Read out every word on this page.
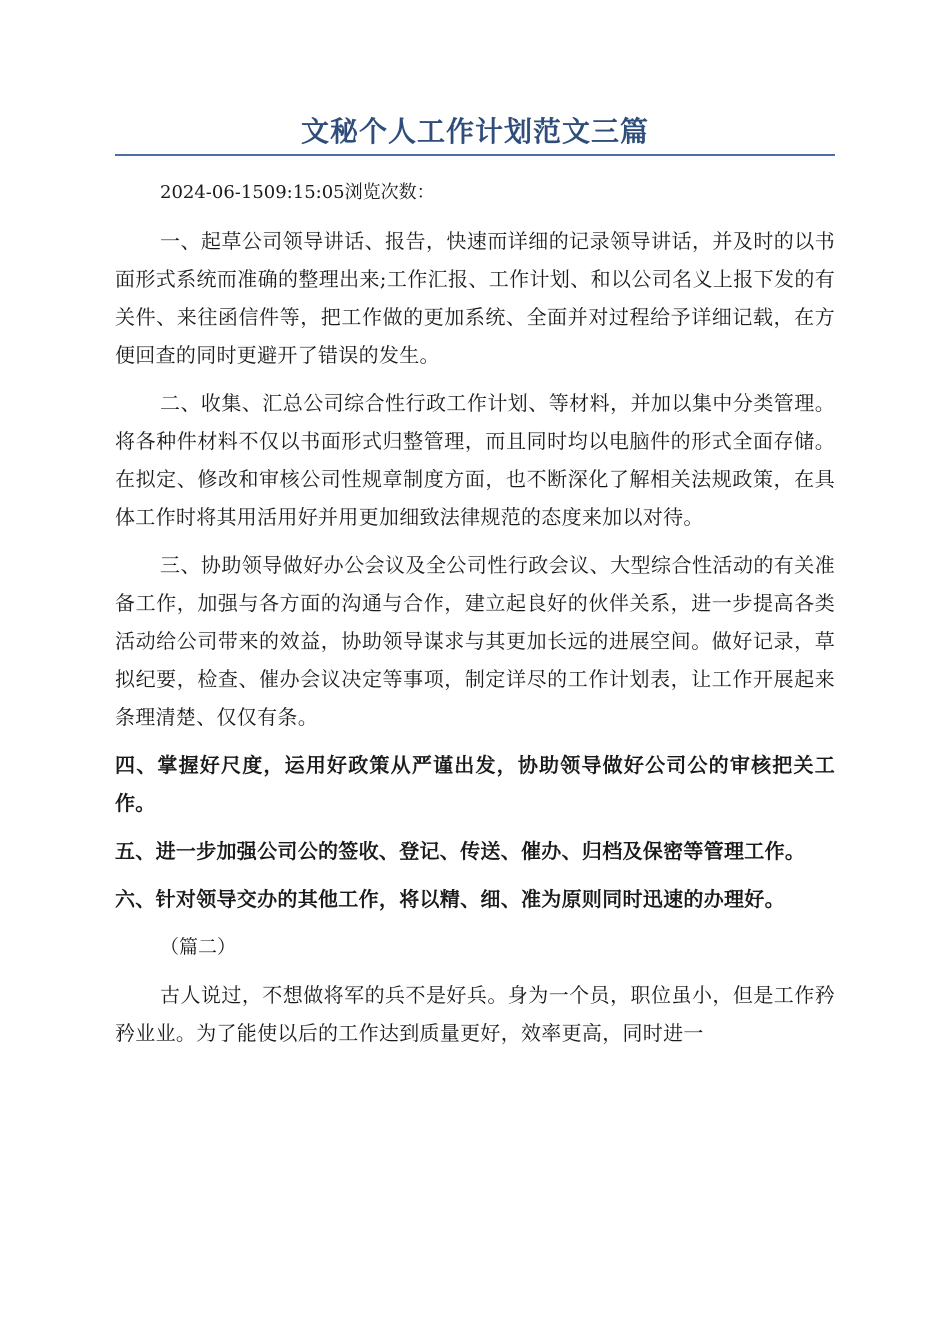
文秘个人工作计划范文三篇

2024-06-1509:15:05浏览次数：

一、起草公司领导讲话、报告，快速而详细的记录领导讲话，并及时的以书面形式系统而准确的整理出来;工作汇报、工作计划、和以公司名义上报下发的有关件、来往函信件等，把工作做的更加系统、全面并对过程给予详细记载，在方便回查的同时更避开了错误的发生。

二、收集、汇总公司综合性行政工作计划、等材料，并加以集中分类管理。将各种件材料不仅以书面形式归整管理，而且同时均以电脑件的形式全面存储。在拟定、修改和审核公司性规章制度方面，也不断深化了解相关法规政策，在具体工作时将其用活用好并用更加细致法律规范的态度来加以对待。

三、协助领导做好办公会议及全公司性行政会议、大型综合性活动的有关准备工作，加强与各方面的沟通与合作，建立起良好的伙伴关系，进一步提高各类活动给公司带来的效益，协助领导谋求与其更加长远的进展空间。做好记录，草拟纪要，检查、催办会议决定等事项，制定详尽的工作计划表，让工作开展起来条理清楚、仅仅有条。

四、掌握好尺度，运用好政策从严谨出发，协助领导做好公司公的审核把关工作。

五、进一步加强公司公的签收、登记、传送、催办、归档及保密等管理工作。

六、针对领导交办的其他工作，将以精、细、准为原则同时迅速的办理好。

（篇二）

古人说过，不想做将军的兵不是好兵。身为一个员，职位虽小，但是工作矜矜业业。为了能使以后的工作达到质量更好，效率更高，同时进一
